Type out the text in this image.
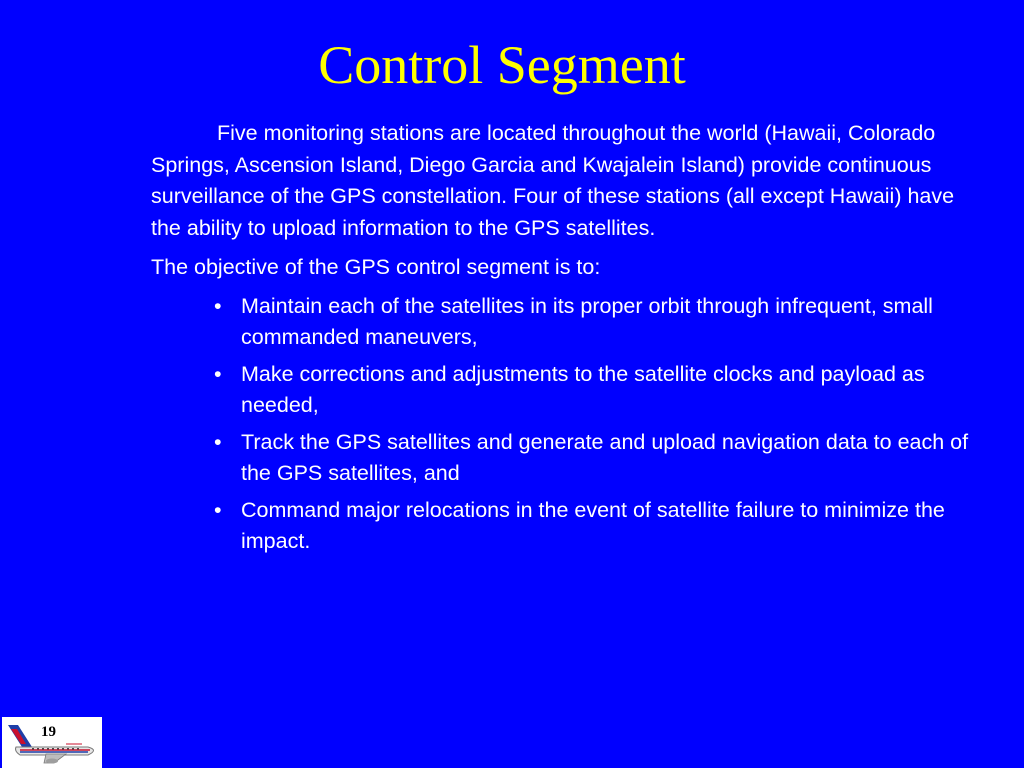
Control Segment

Five monitoring stations are located throughout the world (Hawaii, Colorado Springs, Ascension Island, Diego Garcia and Kwajalein Island) provide continuous surveillance of the GPS constellation. Four of these stations (all except Hawaii) have the ability to upload information to the GPS satellites.

The objective of the GPS control segment is to:

• Maintain each of the satellites in its proper orbit through infrequent, small commanded maneuvers,
• Make corrections and adjustments to the satellite clocks and payload as needed,
• Track the GPS satellites and generate and upload navigation data to each of the GPS satellites, and
• Command major relocations in the event of satellite failure to minimize the impact.
19
